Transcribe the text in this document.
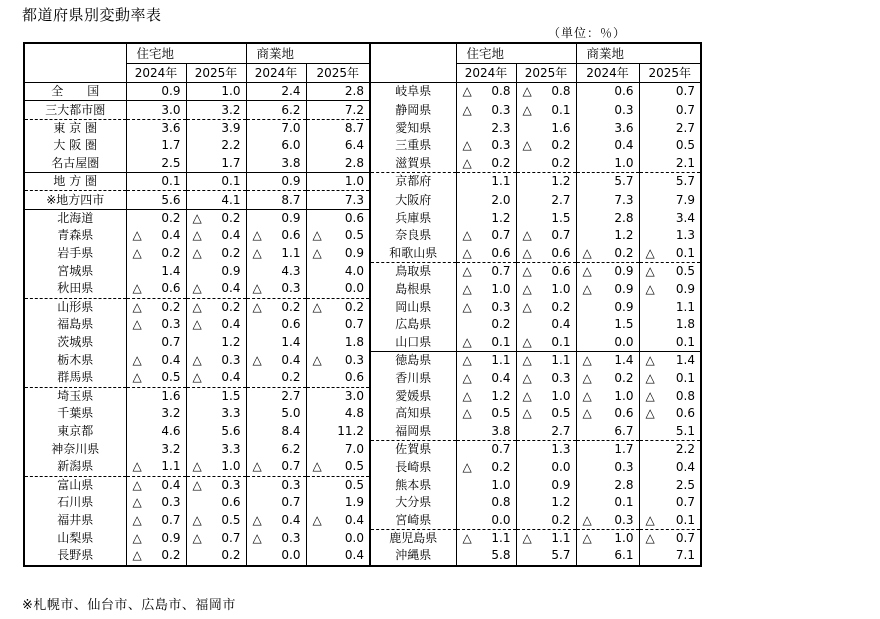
都道府県別変動率表
（単位：％）
	住宅地		商業地			住宅地		商業地	
	2024年	2025年	2024年	2025年		2024年	2025年	2024年	2025年
全　　国	0.9	1.0	2.4	2.8	岐阜県	△ 0.8	△ 0.8	0.6	0.7
三大都市圏	3.0	3.2	6.2	7.2	静岡県	△ 0.3	△ 0.1	0.3	0.7
東 京 圏	3.6	3.9	7.0	8.7	愛知県	2.3	1.6	3.6	2.7
大 阪 圏	1.7	2.2	6.0	6.4	三重県	△ 0.3	△ 0.2	0.4	0.5
名古屋圏	2.5	1.7	3.8	2.8	滋賀県	△ 0.2	0.2	1.0	2.1
地 方 圏	0.1	0.1	0.9	1.0	京都府	1.1	1.2	5.7	5.7
※地方四市	5.6	4.1	8.7	7.3	大阪府	2.0	2.7	7.3	7.9
北海道	0.2	△ 0.2	0.9	0.6	兵庫県	1.2	1.5	2.8	3.4
青森県	△ 0.4	△ 0.4	△ 0.6	△ 0.5	奈良県	△ 0.7	△ 0.7	1.2	1.3
岩手県	△ 0.2	△ 0.2	△ 1.1	△ 0.9	和歌山県	△ 0.6	△ 0.6	△ 0.2	△ 0.1
宮城県	1.4	0.9	4.3	4.0	鳥取県	△ 0.7	△ 0.6	△ 0.9	△ 0.5
秋田県	△ 0.6	△ 0.4	△ 0.3	0.0	島根県	△ 1.0	△ 1.0	△ 0.9	△ 0.9
山形県	△ 0.2	△ 0.2	△ 0.2	△ 0.2	岡山県	△ 0.3	△ 0.2	0.9	1.1
福島県	△ 0.3	△ 0.4	0.6	0.7	広島県	0.2	0.4	1.5	1.8
茨城県	0.7	1.2	1.4	1.8	山口県	△ 0.1	△ 0.1	0.0	0.1
栃木県	△ 0.4	△ 0.3	△ 0.4	△ 0.3	徳島県	△ 1.1	△ 1.1	△ 1.4	△ 1.4
群馬県	△ 0.5	△ 0.4	0.2	0.6	香川県	△ 0.4	△ 0.3	△ 0.2	△ 0.1
埼玉県	1.6	1.5	2.7	3.0	愛媛県	△ 1.2	△ 1.0	△ 1.0	△ 0.8
千葉県	3.2	3.3	5.0	4.8	高知県	△ 0.5	△ 0.5	△ 0.6	△ 0.6
東京都	4.6	5.6	8.4	11.2	福岡県	3.8	2.7	6.7	5.1
神奈川県	3.2	3.3	6.2	7.0	佐賀県	0.7	1.3	1.7	2.2
新潟県	△ 1.1	△ 1.0	△ 0.7	△ 0.5	長崎県	△ 0.2	0.0	0.3	0.4
富山県	△ 0.4	△ 0.3	0.3	0.5	熊本県	1.0	0.9	2.8	2.5
石川県	△ 0.3	0.6	0.7	1.9	大分県	0.8	1.2	0.1	0.7
福井県	△ 0.7	△ 0.5	△ 0.4	△ 0.4	宮崎県	0.0	0.2	△ 0.3	△ 0.1
山梨県	△ 0.9	△ 0.7	△ 0.3	0.0	鹿児島県	△ 1.1	△ 1.1	△ 1.0	△ 0.7
長野県	△ 0.2	0.2	0.0	0.4	沖縄県	5.8	5.7	6.1	7.1
※札幌市、仙台市、広島市、福岡市
